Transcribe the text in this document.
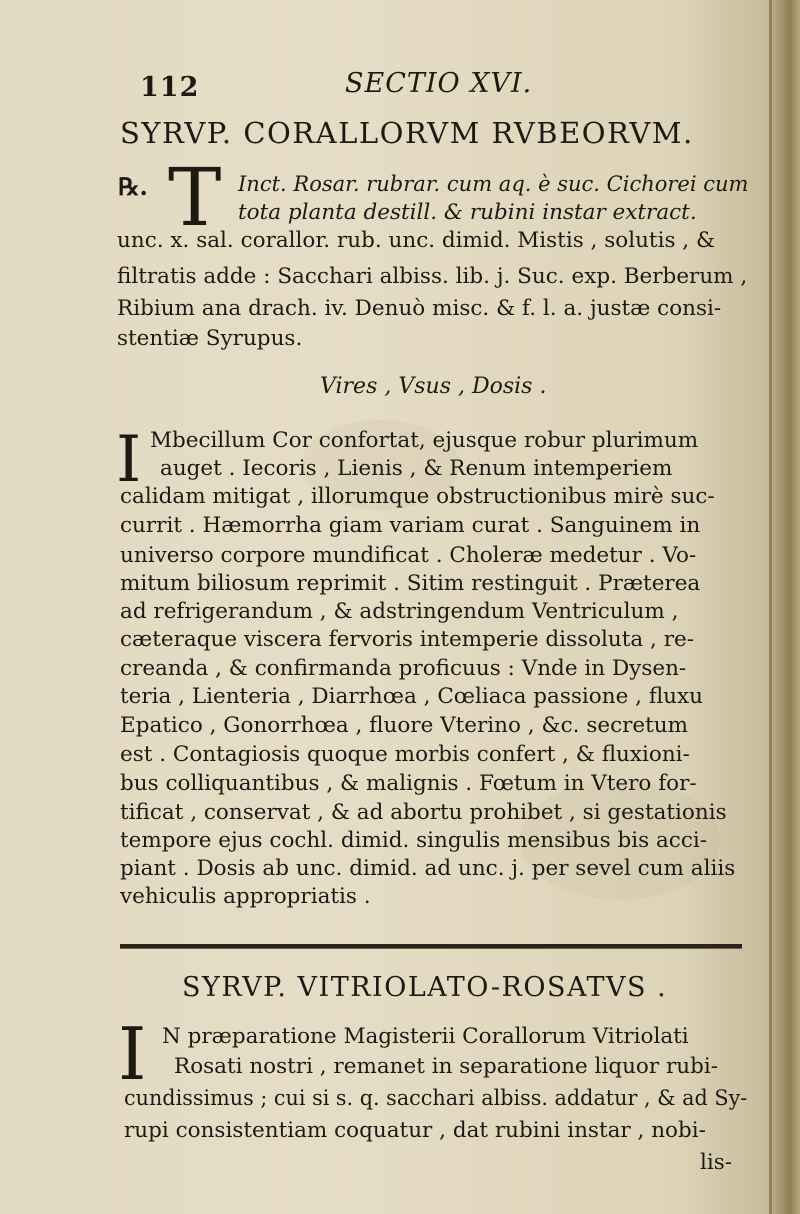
112	SECTIO XVI.
SYRVP. CORALLORVM RVBEORVM.
℞. T Inct. Rosar. rubrar. cum aq. è suc. Cichorei cum
tota planta destill. & rubini instar extract.
unc. x. sal. corallor. rub. unc. dimid. Mistis , solutis , &
filtratis adde : Sacchari albiss. lib. j. Suc. exp. Berberum ,
Ribium ana drach. iv. Denuò misc. & f. l. a. justæ consi-
stentiæ Syrupus.
Vires , Vsus , Dosis .
I Mbecillum Cor confortat, ejusque robur plurimum
auget . Iecoris , Lienis , & Renum intemperiem
calidam mitigat , illorumque obstructionibus mirè suc-
currit . Hæmorrha giam variam curat . Sanguinem in
universo corpore mundificat . Choleræ medetur . Vo-
mitum biliosum reprimit . Sitim restinguit . Præterea
ad refrigerandum , & adstringendum Ventriculum ,
cæteraque viscera fervoris intemperie dissoluta , re-
creanda , & confirmanda proficuus : Vnde in Dysen-
teria , Lienteria , Diarrhœa , Cœliaca passione , fluxu
Epatico , Gonorrhœa , fluore Vterino , &c. secretum
est . Contagiosis quoque morbis confert , & fluxioni-
bus colliquantibus , & malignis . Fœtum in Vtero for-
tificat , conservat , & ad abortu prohibet , si gestationis
tempore ejus cochl. dimid. singulis mensibus bis acci-
piant . Dosis ab unc. dimid. ad unc. j. per sevel cum aliis
vehiculis appropriatis .
SYRVP. VITRIOLATO-ROSATVS .
I N præparatione Magisterii Corallorum Vitriolati
Rosati nostri , remanet in separatione liquor rubi-
cundissimus ; cui si s. q. sacchari albiss. addatur , & ad Sy-
rupi consistentiam coquatur , dat rubini instar , nobi-
lis-
